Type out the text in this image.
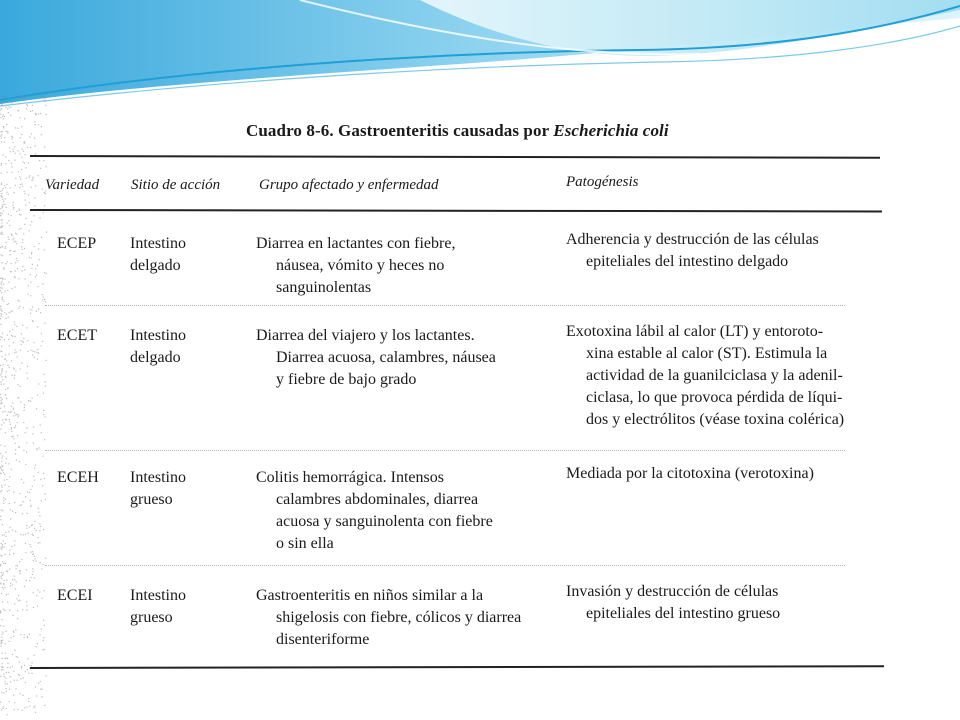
Cuadro 8-6. Gastroenteritis causadas por Escherichia coli
Variedad Sitio de acción	Grupo afectado y enfermedad	Patogénesis
ECEP Intestino
delgado
Diarrea en lactantes con fiebre,
náusea, vómito y heces no
sanguinolentas
Adherencia y destrucción de las células
epiteliales del intestino delgado
ECET Intestino
delgado
Diarrea del viajero y los lactantes.
Diarrea acuosa, calambres, náusea
y fiebre de bajo grado
Exotoxina lábil al calor (LT) y entoroto-
xina estable al calor (ST). Estimula la
actividad de la guanilciclasa y la adenil-
ciclasa, lo que provoca pérdida de líqui-
dos y electrólitos (véase toxina colérica)
ECEH Intestino
grueso
Colitis hemorrágica. Intensos
calambres abdominales, diarrea
acuosa y sanguinolenta con fiebre
o sin ella
Mediada por la citotoxina (verotoxina)
ECEI Intestino
grueso
Gastroenteritis en niños similar a la
shigelosis con fiebre, cólicos y diarrea
disenteriforme
Invasión y destrucción de células
epiteliales del intestino grueso
